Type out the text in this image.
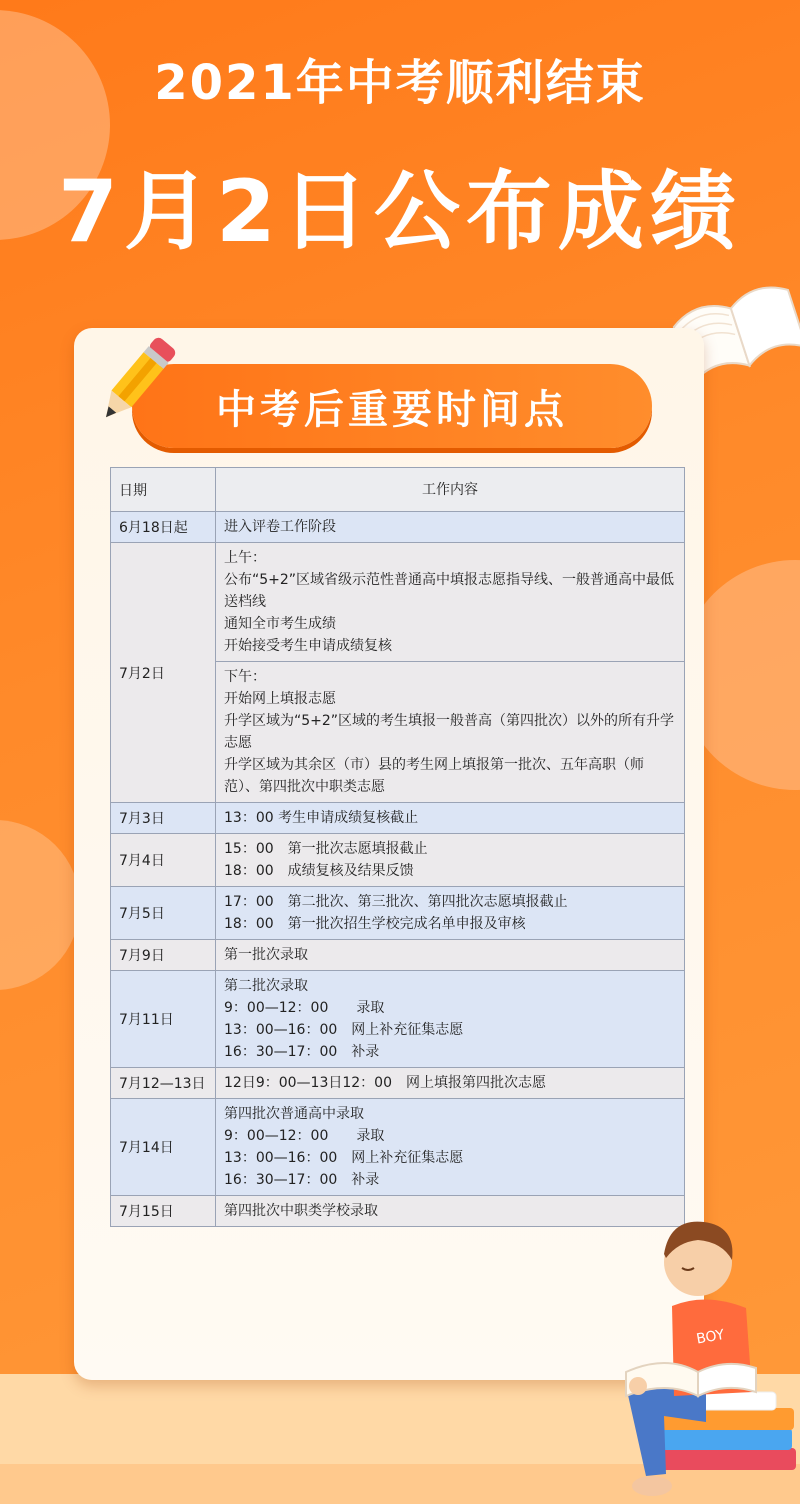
2021年中考顺利结束
7月2日公布成绩
中考后重要时间点
日期	工作内容
6月18日起	进入评卷工作阶段

7月2日	上午：
公布“5+2”区域省级示范性普通高中填报志愿指导线、一般普通高中最低送档线
通知全市考生成绩
开始接受考生申请成绩复核

	下午：
开始网上填报志愿
升学区域为“5+2”区域的考生填报一般普高（第四批次）以外的所有升学志愿
升学区域为其余区（市）县的考生网上填报第一批次、五年高职（师范）、第四批次中职类志愿

7月3日	13：00 考生申请成绩复核截止

7月4日	15：00　第一批次志愿填报截止
18：00　成绩复核及结果反馈

7月5日	17：00　第二批次、第三批次、第四批次志愿填报截止
18：00　第一批次招生学校完成名单申报及审核

7月9日	第一批次录取

7月11日	第二批次录取
9：00—12：00　　录取
13：00—16：00　网上补充征集志愿
16：30—17：00　补录

7月12—13日	12日9：00—13日12：00　网上填报第四批次志愿

7月14日	第四批次普通高中录取
9：00—12：00　　录取
13：00—16：00　网上补充征集志愿
16：30—17：00　补录

7月15日	第四批次中职类学校录取
BOY
